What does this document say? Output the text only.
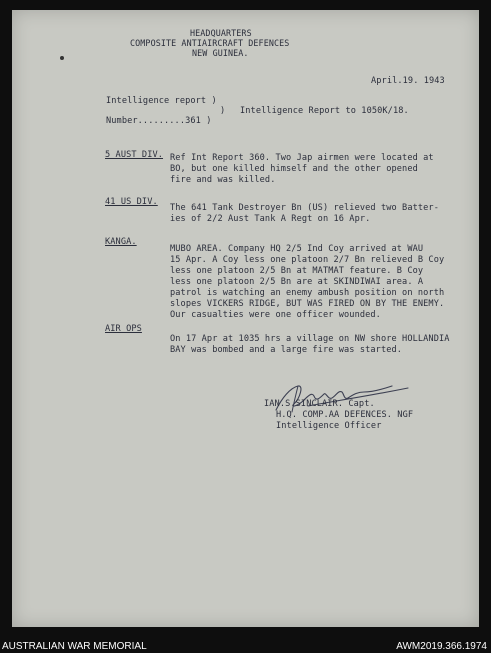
HEADQUARTERS
COMPOSITE ANTIAIRCRAFT DEFENCES
NEW GUINEA.
April.19. 1943
Intelligence report )
)
Number.........361 )
Intelligence Report to 1050K/18.
5 AUST DIV. Ref Int Report 360. Two Jap airmen were located at
BO, but one killed himself and the other opened
fire and was killed.
41 US DIV.
The 641 Tank Destroyer Bn (US) relieved two Batter-
ies of 2/2 Aust Tank A Regt on 16 Apr.
KANGA.
MUBO AREA. Company HQ 2/5 Ind Coy arrived at WAU
15 Apr. A Coy less one platoon 2/7 Bn relieved B Coy
less one platoon 2/5 Bn at MATMAT feature. B Coy
less one platoon 2/5 Bn are at SKINDIWAI area. A
patrol is watching an enemy ambush position on north
slopes VICKERS RIDGE, BUT WAS FIRED ON BY THE ENEMY.
Our casualties were one officer wounded.
AIR OPS
On 17 Apr at 1035 hrs a village on NW shore HOLLANDIA
BAY was bombed and a large fire was started.
IAN.S.SINCLAIR. Capt.
H.Q. COMP.AA DEFENCES. NGF
Intelligence Officer
AUSTRALIAN WAR MEMORIAL	AWM2019.366.1974
